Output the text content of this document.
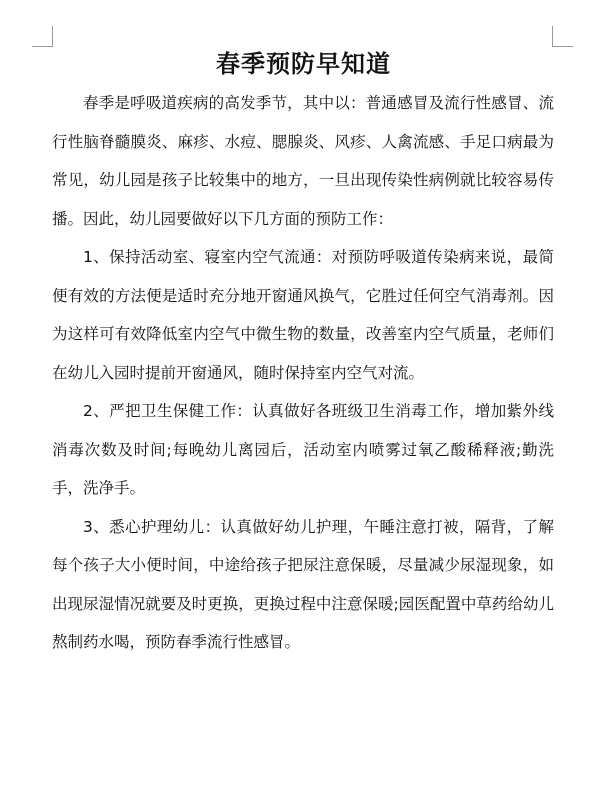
春季预防早知道

春季是呼吸道疾病的高发季节，其中以：普通感冒及流行性感冒、流行性脑脊髓膜炎、麻疹、水痘、腮腺炎、风疹、人禽流感、手足口病最为常见，幼儿园是孩子比较集中的地方，一旦出现传染性病例就比较容易传播。因此，幼儿园要做好以下几方面的预防工作：

1、保持活动室、寝室内空气流通：对预防呼吸道传染病来说，最简便有效的方法便是适时充分地开窗通风换气，它胜过任何空气消毒剂。因为这样可有效降低室内空气中微生物的数量，改善室内空气质量，老师们在幼儿入园时提前开窗通风，随时保持室内空气对流。

2、严把卫生保健工作：认真做好各班级卫生消毒工作，增加紫外线消毒次数及时间;每晚幼儿离园后，活动室内喷雾过氧乙酸稀释液;勤洗手，洗净手。

3、悉心护理幼儿：认真做好幼儿护理，午睡注意打被，隔背，了解每个孩子大小便时间，中途给孩子把尿注意保暖，尽量减少尿湿现象，如出现尿湿情况就要及时更换，更换过程中注意保暖;园医配置中草药给幼儿熬制药水喝，预防春季流行性感冒。
